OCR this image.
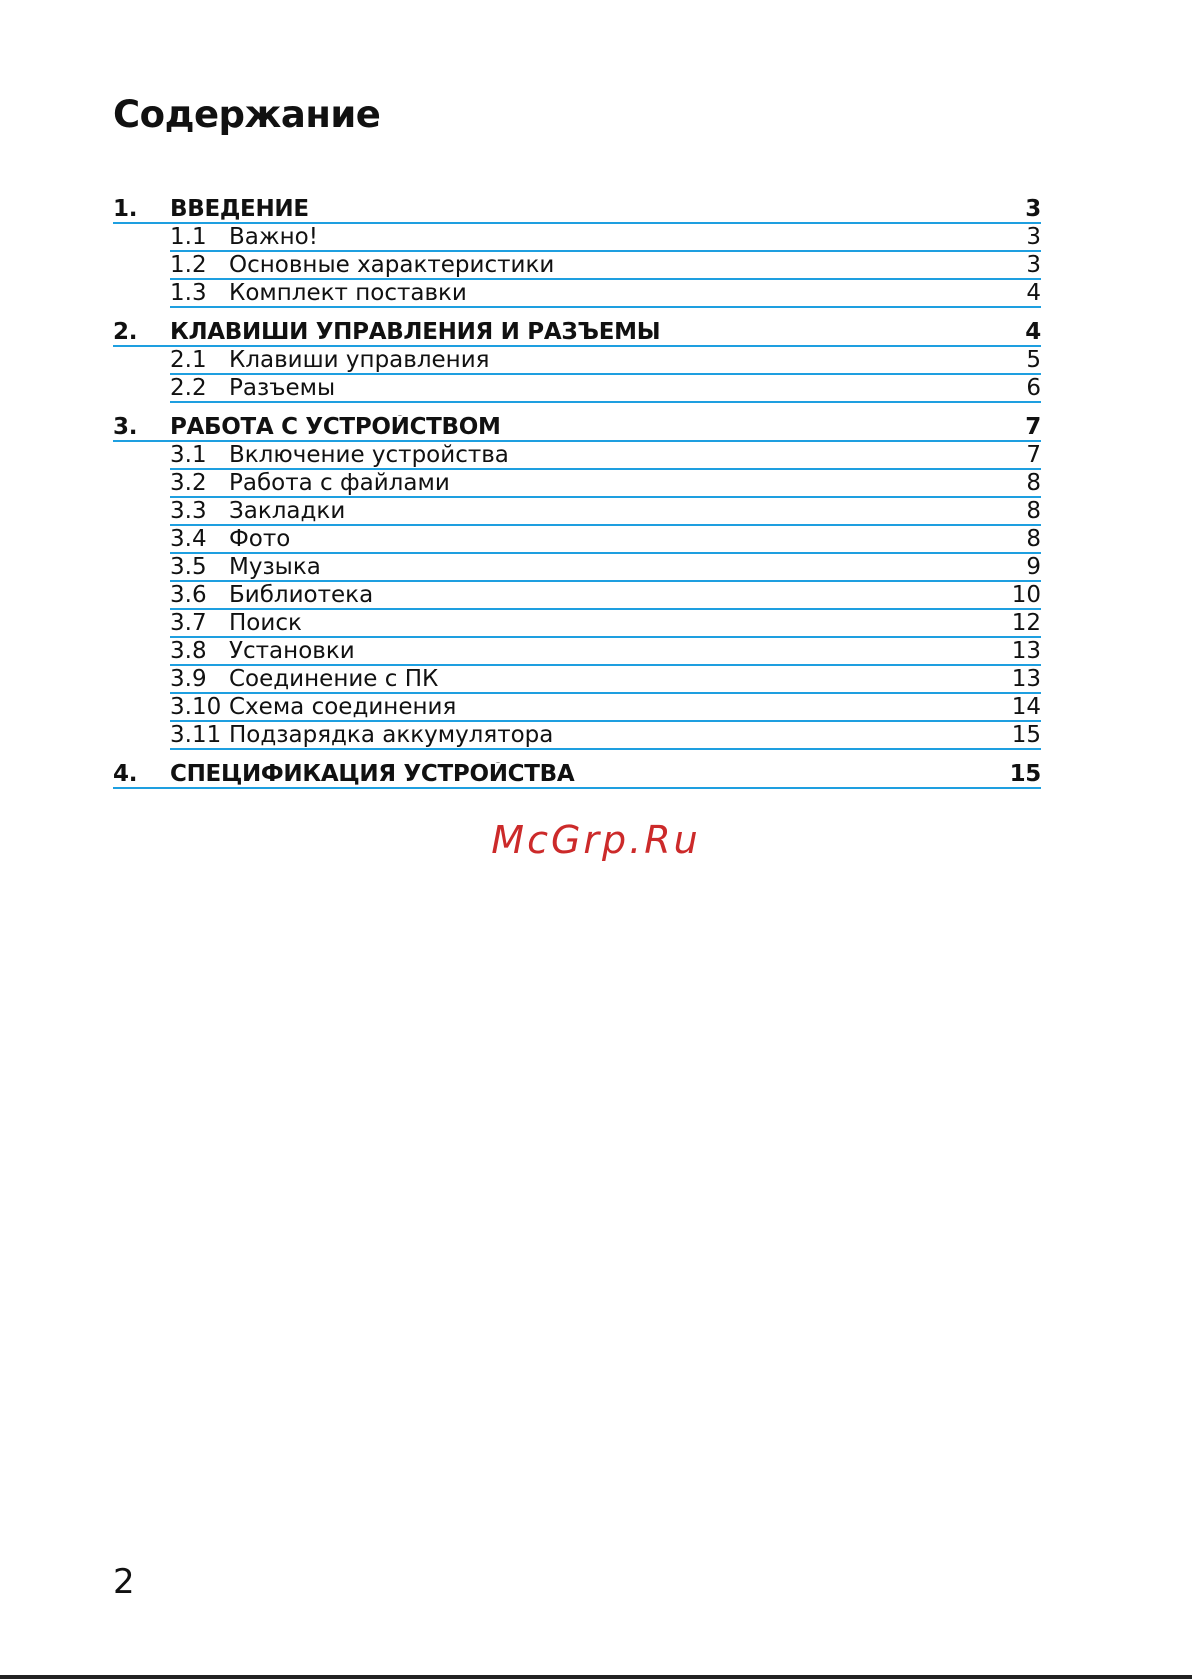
Содержание
1.	ВВЕДЕНИЕ	3
1.1 Важно!	3
1.2 Основные характеристики	3
1.3 Комплект поставки	4
2.	КЛАВИШИ УПРАВЛЕНИЯ И РАЗЪЕМЫ	4
2.1 Клавиши управления	5
2.2 Разъемы	6
3.	РАБОТА С УСТРОЙСТВОМ	7
3.1 Включение устройства	7
3.2 Работа с файлами	8
3.3 Закладки	8
3.4 Фото	8
3.5 Музыка	9
3.6 Библиотека	10
3.7 Поиск	12
3.8 Установки	13
3.9 Соединение с ПК	13
3.10 Схема соединения	14
3.11 Подзарядка аккумулятора	15
4.	СПЕЦИФИКАЦИЯ УСТРОЙСТВА	15
McGrp.Ru
2
